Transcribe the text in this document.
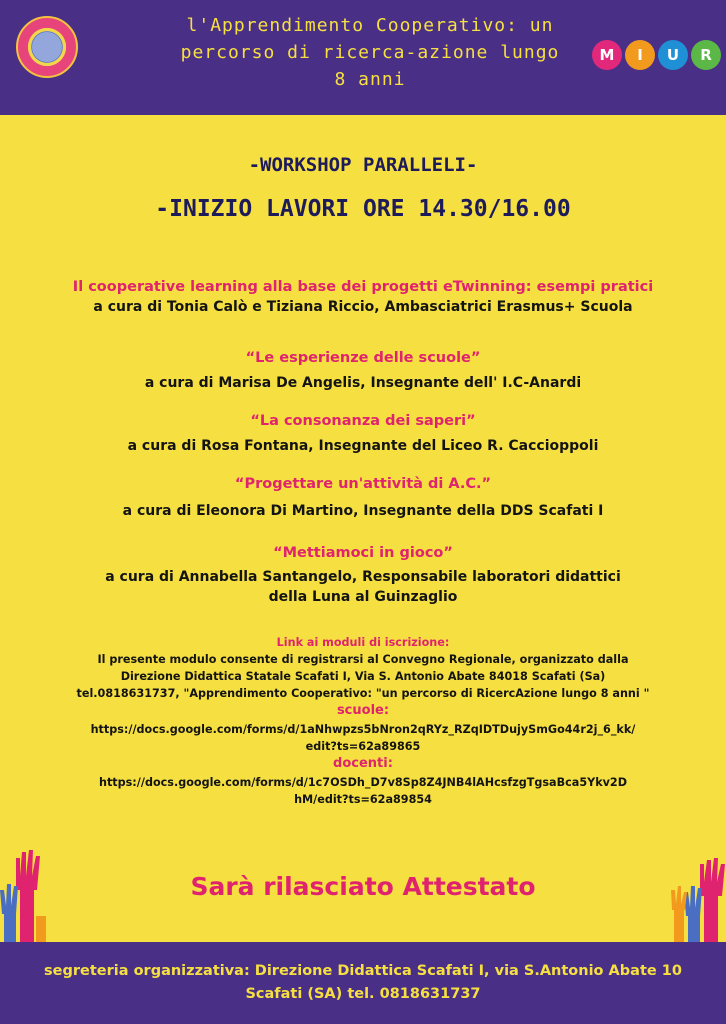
l'Apprendimento Cooperativo: un
percorso di ricerca-azione lungo
8 anni
M	I	U	R
-WORKSHOP PARALLELI-
-INIZIO LAVORI ORE 14.30/16.00
Il cooperative learning alla base dei progetti eTwinning: esempi pratici
a cura di Tonia Calò e Tiziana Riccio, Ambasciatrici Erasmus+ Scuola
“Le esperienze delle scuole”
a cura di Marisa De Angelis, Insegnante dell' I.C-Anardi
“La consonanza dei saperi”
a cura di Rosa Fontana, Insegnante del Liceo R. Caccioppoli
“Progettare un'attività di A.C.”
a cura di Eleonora Di Martino, Insegnante della DDS Scafati I
“Mettiamoci in gioco”
a cura di Annabella Santangelo, Responsabile laboratori didattici
della Luna al Guinzaglio
Link ai moduli di iscrizione:
Il presente modulo consente di registrarsi al Convegno Regionale, organizzato dalla
Direzione Didattica Statale Scafati I, Via S. Antonio Abate 84018 Scafati (Sa)
tel.0818631737, "Apprendimento Cooperativo: "un percorso di RicercAzione lungo 8 anni "
scuole:
https://docs.google.com/forms/d/1aNhwpzs5bNron2qRYz_RZqIDTDujySmGo44r2j_6_kk/
edit?ts=62a89865
docenti:
https://docs.google.com/forms/d/1c7OSDh_D7v8Sp8Z4JNB4lAHcsfzgTgsaBca5Ykv2D
hM/edit?ts=62a89854
Sarà rilasciato Attestato
segreteria organizzativa: Direzione Didattica Scafati I, via S.Antonio Abate 10
Scafati (SA) tel. 0818631737
